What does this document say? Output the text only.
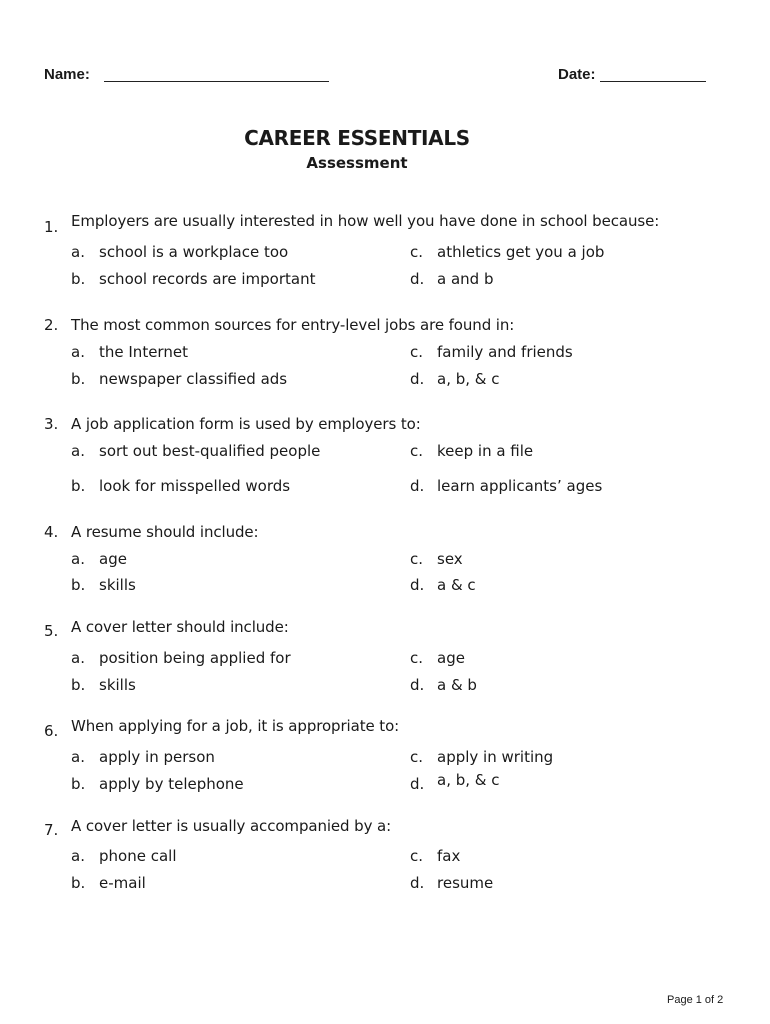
Name:	Date:
CAREER ESSENTIALS
Assessment
1. Employers are usually interested in how well you have done in school because:
a. school is a workplace too
b. school records are important
c. athletics get you a job
d. a and b
2. The most common sources for entry-level jobs are found in:
a. the Internet
b. newspaper classified ads
c. family and friends
d. a, b, & c
3. A job application form is used by employers to:
a. sort out best-qualified people
b. look for misspelled words
c. keep in a file
d. learn applicants’ ages
4. A resume should include:
a. age
b. skills
c. sex
d. a & c
5. A cover letter should include:
a. position being applied for
b. skills
c. age
d. a & b
6. When applying for a job, it is appropriate to:
a. apply in person
b. apply by telephone
c. apply in writing
d. a, b, & c
7. A cover letter is usually accompanied by a:
a. phone call
b. e-mail
c. fax
d. resume
Page 1 of 2
